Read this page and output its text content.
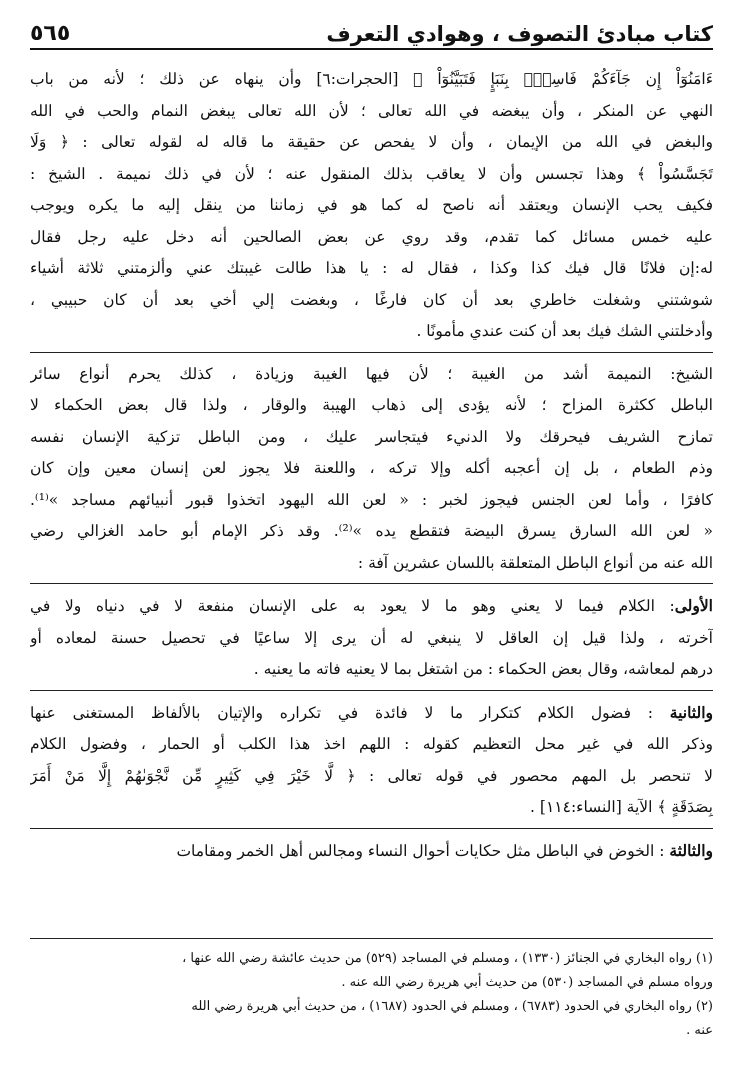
كتاب مبادئ التصوف ، وهوادي التعرف
٥٦٥
ءَامَنُوٓاْ إِن جَآءَكُمْ فَاسِقُۢ بِنَبَإٍ فَتَبَيَّنُوٓاْ ﴾ [الحجرات:٦] وأن ينهاه عن ذلك ؛ لأنه من باب
النهي عن المنكر ، وأن يبغضه في الله تعالى ؛ لأن الله تعالى يبغض النمام والحب في الله
والبغض في الله من الإيمان ، وأن لا يفحص عن حقيقة ما قاله له لقوله تعالى : ﴿ وَلَا
تَجَسَّسُواْ ﴾ وهذا تجسس وأن لا يعاقب بذلك المنقول عنه ؛ لأن في ذلك نميمة . الشيخ :
فكيف يحب الإنسان ويعتقد أنه ناصح له كما هو في زماننا من ينقل إليه ما يكره ويوجب
عليه خمس مسائل كما تقدم، وقد روي عن بعض الصالحين أنه دخل عليه رجل فقال
له:إن فلانًا قال فيك كذا وكذا ، فقال له : يا هذا طالت غيبتك عني وألزمتني ثلاثة أشياء
شوشتني وشغلت خاطري بعد أن كان فارغًا ، وبغضت إلي أخي بعد أن كان حبيبي ،
وأدخلتني الشك فيك بعد أن كنت عندي مأمونًا .
الشيخ: النميمة أشد من الغيبة ؛ لأن فيها الغيبة وزيادة ، كذلك يحرم أنواع سائر
الباطل ككثرة المزاح ؛ لأنه يؤدى إلى ذهاب الهيبة والوقار ، ولذا قال بعض الحكماء لا
تمازح الشريف فيحرقك ولا الدنيء فيتجاسر عليك ، ومن الباطل تزكية الإنسان نفسه
وذم الطعام ، بل إن أعجبه أكله وإلا تركه ، واللعنة فلا يجوز لعن إنسان معين وإن كان
كافرًا ، وأما لعن الجنس فيجوز لخبر : « لعن الله اليهود اتخذوا قبور أنبيائهم مساجد »⁽¹⁾.
« لعن الله السارق يسرق البيضة فتقطع يده »⁽²⁾. وقد ذكر الإمام أبو حامد الغزالي رضي
الله عنه من أنواع الباطل المتعلقة باللسان عشرين آفة :
الأولى: الكلام فيما لا يعني وهو ما لا يعود به على الإنسان منفعة لا في دنياه ولا في
آخرته ، ولذا قيل إن العاقل لا ينبغي له أن يرى إلا ساعيًا في تحصيل حسنة لمعاده أو
درهم لمعاشه، وقال بعض الحكماء : من اشتغل بما لا يعنيه فاته ما يعنيه .
والثانية : فضول الكلام كتكرار ما لا فائدة في تكراره والإتيان بالألفاظ المستغنى عنها
وذكر الله في غير محل التعظيم كقوله : اللهم اخذ هذا الكلب أو الحمار ، وفضول الكلام
لا تنحصر بل المهم محصور في قوله تعالى : ﴿ لَّا خَيْرَ فِي كَثِيرٍ مِّن نَّجْوَىٰهُمْ إِلَّا مَنْ أَمَرَ
بِصَدَقَةٍ ﴾ الآية [النساء:١١٤] .
والثالثة : الخوض في الباطل مثل حكايات أحوال النساء ومجالس أهل الخمر ومقامات
(١) رواه البخاري في الجنائز (١٣٣٠) ، ومسلم في المساجد (٥٢٩) من حديث عائشة رضي الله عنها ،
ورواه مسلم في المساجد (٥٣٠) من حديث أبي هريرة رضي الله عنه .
(٢) رواه البخاري في الحدود (٦٧٨٣) ، ومسلم في الحدود (١٦٨٧) ، من حديث أبي هريرة رضي الله
عنه .
